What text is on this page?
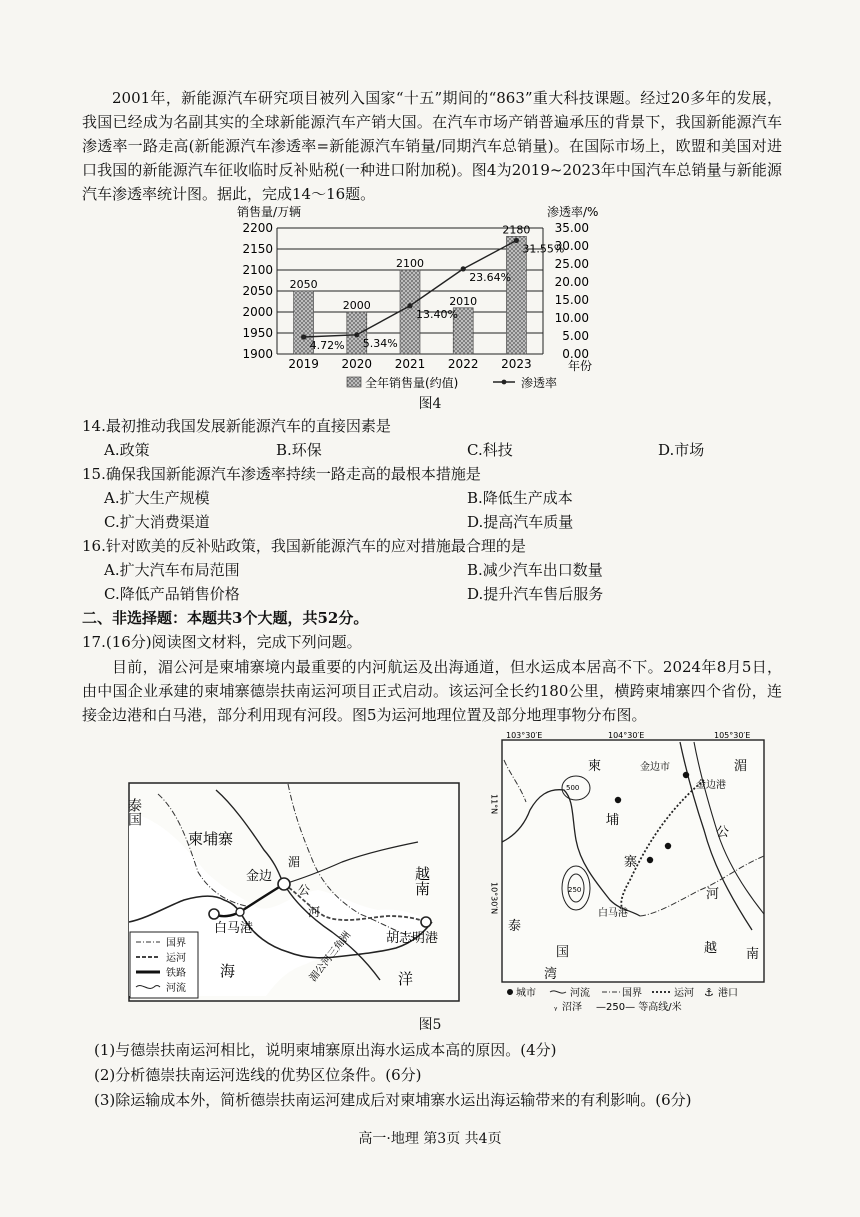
2001年，新能源汽车研究项目被列入国家“十五”期间的“863”重大科技课题。经过20多年的发展，我国已经成为名副其实的全球新能源汽车产销大国。在汽车市场产销普遍承压的背景下，我国新能源汽车渗透率一路走高(新能源汽车渗透率=新能源汽车销量/同期汽车总销量)。在国际市场上，欧盟和美国对进口我国的新能源汽车征收临时反补贴税(一种进口附加税)。图4为2019~2023年中国汽车总销量与新能源汽车渗透率统计图。据此，完成14～16题。
销售量/万辆	渗透率/%
1900
1950
2000
2050
2100
2150
2200
0.00
5.00
10.00
15.00
20.00
25.00
30.00
35.00
2050
2000
2100
2010
2180
4.72% 5.34%
13.40%
23.64%
31.55%
2019 2020 2021 2022 2023	年份
全年销售量(约值)	渗透率
图4
14.最初推动我国发展新能源汽车的直接因素是
A.政策	B.环保	C.科技	D.市场
15.确保我国新能源汽车渗透率持续一路走高的最根本措施是
A.扩大生产规模	B.降低生产成本
C.扩大消费渠道	D.提高汽车质量
16.针对欧美的反补贴政策，我国新能源汽车的应对措施最合理的是
A.扩大汽车布局范围	B.减少汽车出口数量
C.降低产品销售价格	D.提升汽车售后服务
二、非选择题：本题共3个大题，共52分。
17.(16分)阅读图文材料，完成下列问题。
目前，湄公河是柬埔寨境内最重要的内河航运及出海通道，但水运成本居高不下。2024年8月5日，由中国企业承建的柬埔寨德崇扶南运河项目正式启动。该运河全长约180公里，横跨柬埔寨四个省份，连接金边港和白马港，部分利用现有河段。图5为运河地理位置及部分地理事物分布图。
泰国
柬埔寨
越南
金边
湄
公
河
白马港
胡志明港
海	洋
湄公河三角洲
国界
运河
铁路
河流
103°30′E	104°30′E	105°30′E
11°N
10°30′N
金边市
金边港
白马港
柬
埔
寨
泰
国
湾
湄
公
河
越 南
500
250
城市	河流	国界	运河 ⚓ 港口
ᵧ 沼泽 —250— 等高线/米
图5
(1)与德崇扶南运河相比，说明柬埔寨原出海水运成本高的原因。(4分)
(2)分析德崇扶南运河选线的优势区位条件。(6分)
(3)除运输成本外，简析德崇扶南运河建成后对柬埔寨水运出海运输带来的有利影响。(6分)
高一·地理 第3页 共4页
